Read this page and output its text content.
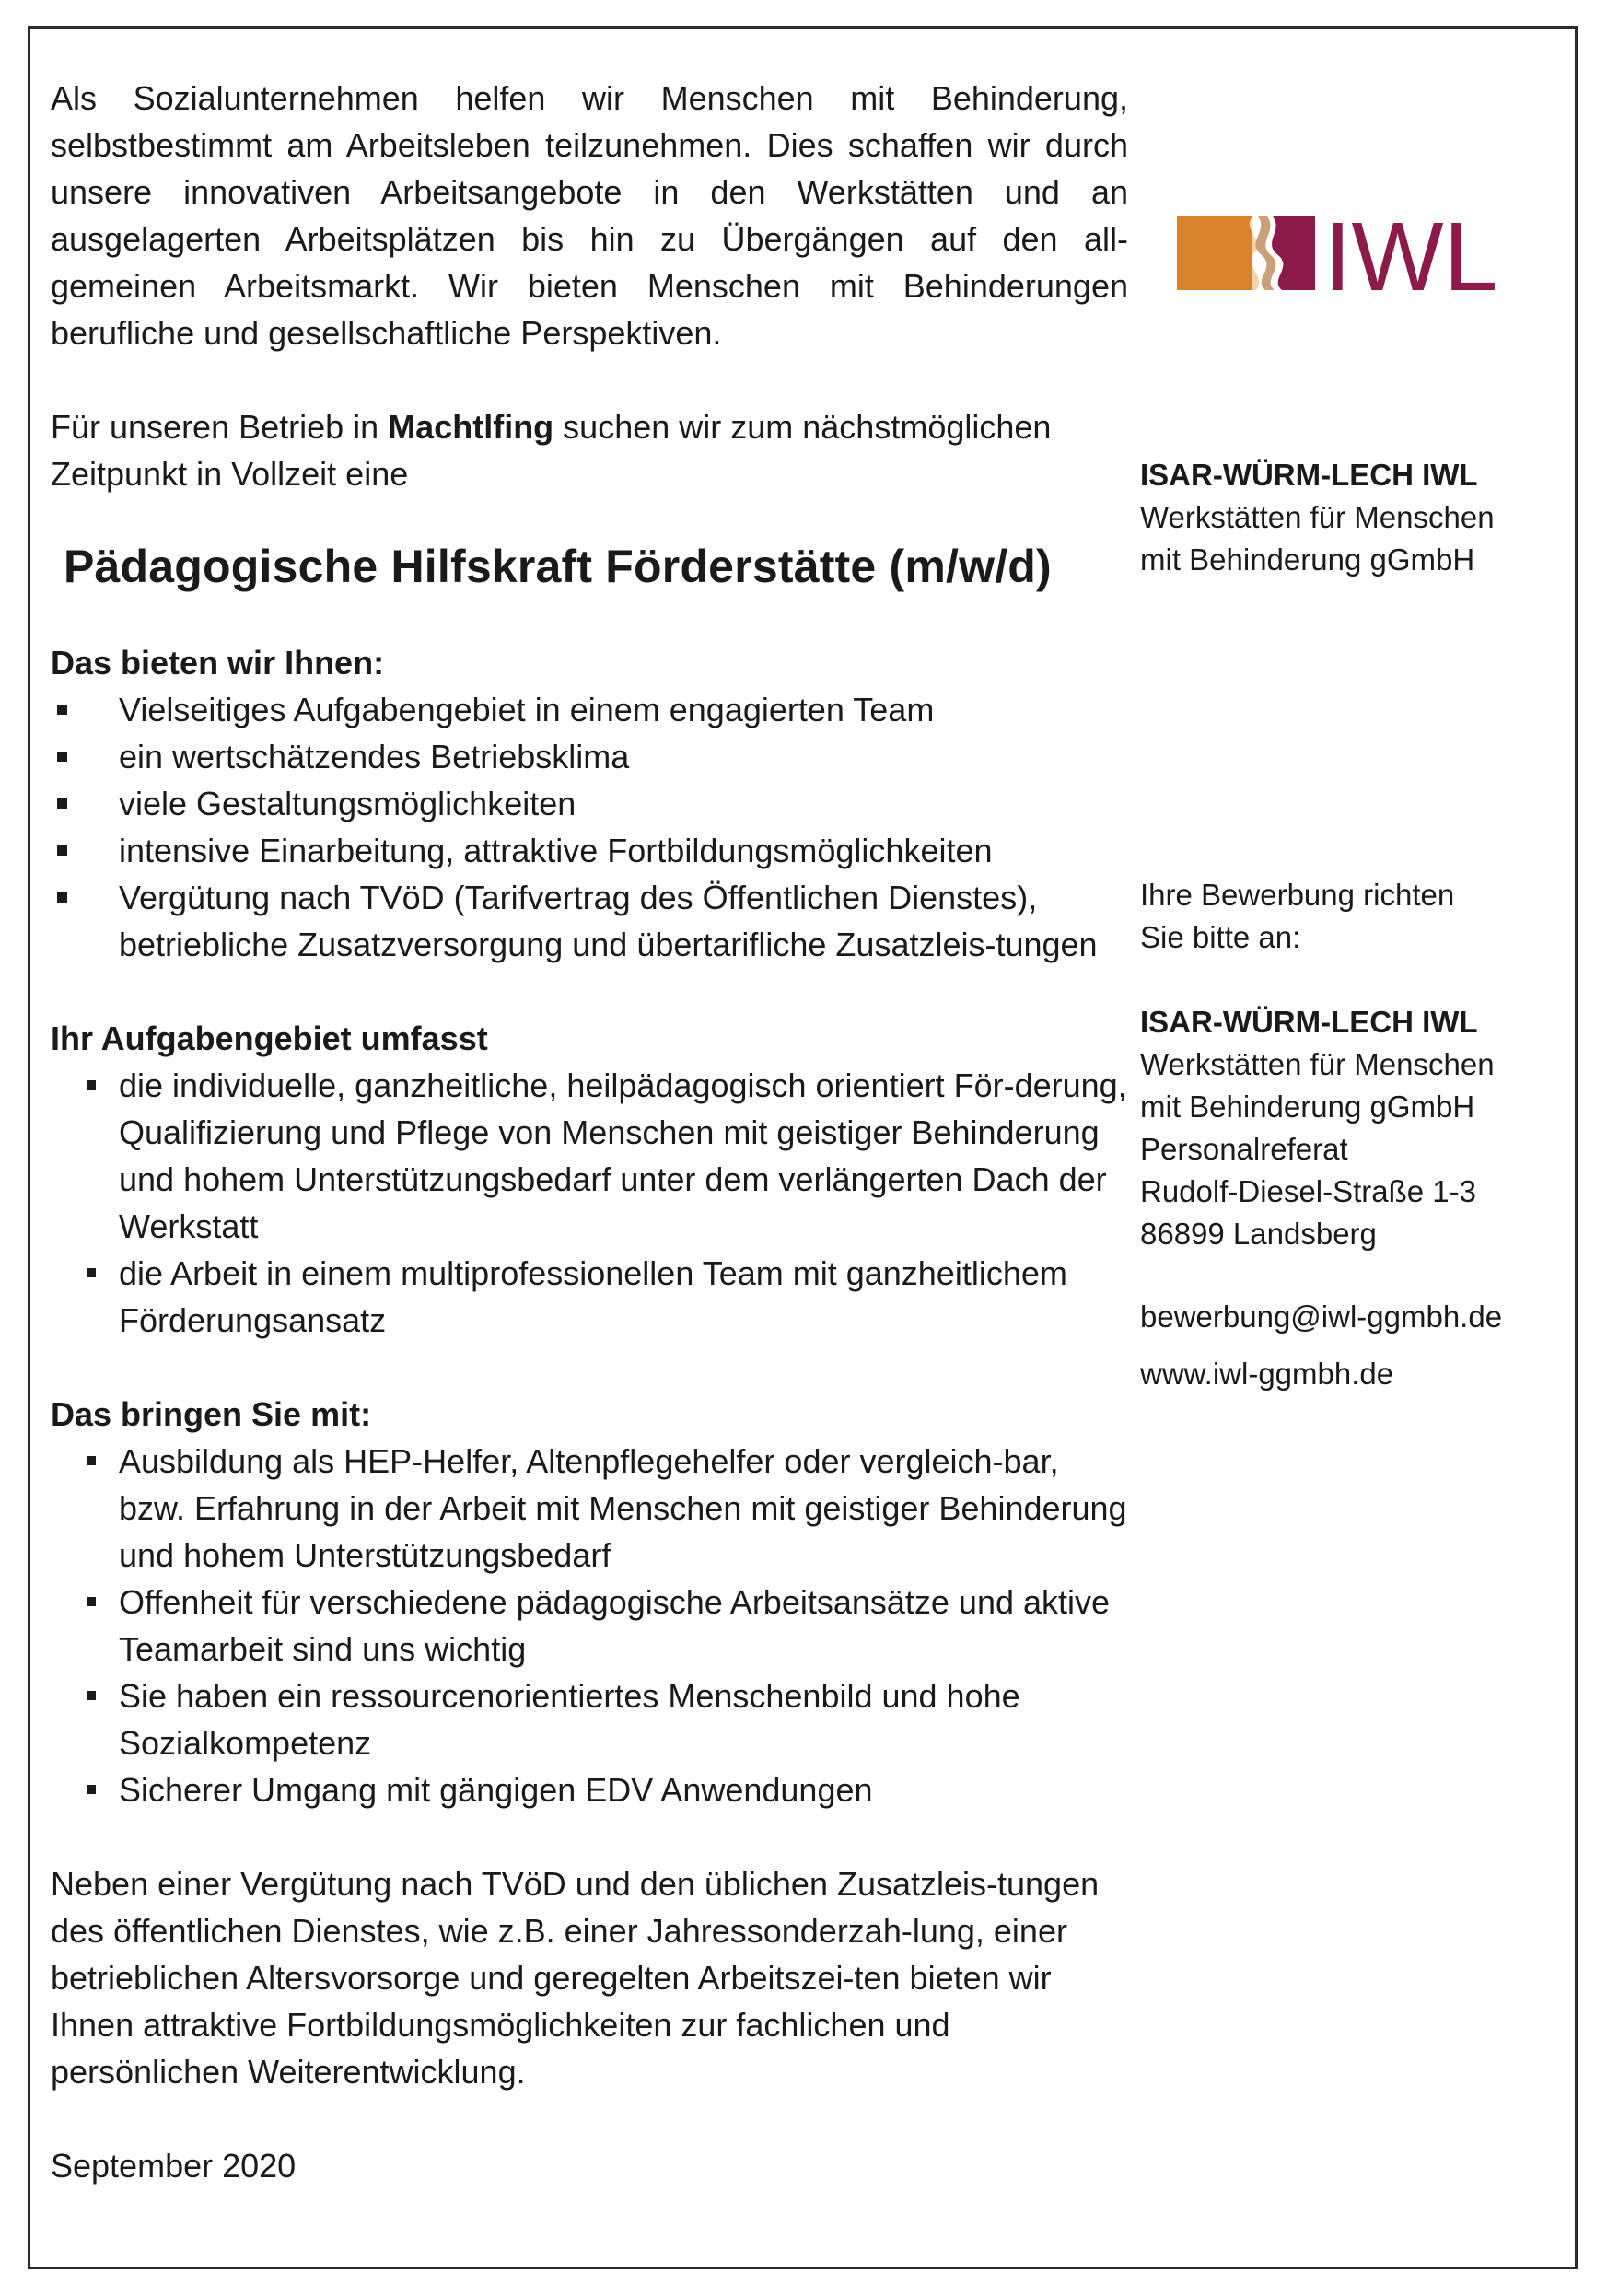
Als Sozialunternehmen helfen wir Menschen mit Behinderung, selbstbestimmt am Arbeitsleben teilzunehmen. Dies schaffen wir durch unsere innovativen Arbeitsangebote in den Werkstätten und an ausgelagerten Arbeitsplätzen bis hin zu Übergängen auf den all-gemeinen Arbeitsmarkt. Wir bieten Menschen mit Behinderungen berufliche und gesellschaftliche Perspektiven.

Für unseren Betrieb in Machtlfing suchen wir zum nächstmöglichen Zeitpunkt in Vollzeit eine

Pädagogische Hilfskraft Förderstätte (m/w/d)

Das bieten wir Ihnen:

Vielseitiges Aufgabengebiet in einem engagierten Team
ein wertschätzendes Betriebsklima
viele Gestaltungsmöglichkeiten
intensive Einarbeitung, attraktive Fortbildungsmöglichkeiten
Vergütung nach TVöD (Tarifvertrag des Öffentlichen Dienstes), betriebliche Zusatzversorgung und übertarifliche Zusatzleis-tungen

Ihr Aufgabengebiet umfasst

die individuelle, ganzheitliche, heilpädagogisch orientiert För-derung, Qualifizierung und Pflege von Menschen mit geistiger Behinderung und hohem Unterstützungsbedarf unter dem verlängerten Dach der Werkstatt
die Arbeit in einem multiprofessionellen Team mit ganzheitlichem Förderungsansatz

Das bringen Sie mit:

Ausbildung als HEP-Helfer, Altenpflegehelfer oder vergleich-bar, bzw. Erfahrung in der Arbeit mit Menschen mit geistiger Behinderung und hohem Unterstützungsbedarf
Offenheit für verschiedene pädagogische Arbeitsansätze und aktive Teamarbeit sind uns wichtig
Sie haben ein ressourcenorientiertes Menschenbild und hohe Sozialkompetenz
Sicherer Umgang mit gängigen EDV Anwendungen

Neben einer Vergütung nach TVöD und den üblichen Zusatzleis-tungen des öffentlichen Dienstes, wie z.B. einer Jahressonderzah-lung, einer betrieblichen Altersvorsorge und geregelten Arbeitszei-ten bieten wir Ihnen attraktive Fortbildungsmöglichkeiten zur fachlichen und persönlichen Weiterentwicklung.

September 2020

IWL

ISAR-WÜRM-LECH IWL

Werkstätten für Menschen

mit Behinderung gGmbH

Ihre Bewerbung richten

Sie bitte an:

ISAR-WÜRM-LECH IWL

Werkstätten für Menschen

mit Behinderung gGmbH

Personalreferat

Rudolf-Diesel-Straße 1-3

86899 Landsberg

bewerbung@iwl-ggmbh.de

www.iwl-ggmbh.de
